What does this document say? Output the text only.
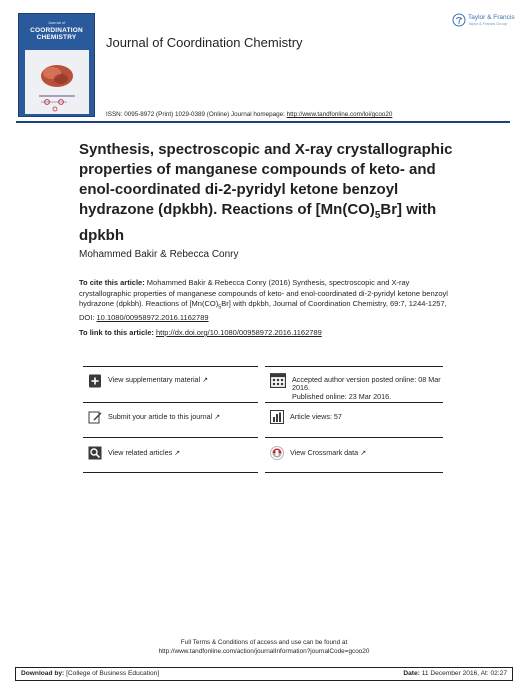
Journal of
COORDINATION
CHEMISTRY	Journal of Coordination Chemistry
Taylor & Francis
Taylor & Francis Group
ISSN: 0095-8972 (Print) 1029-0389 (Online) Journal homepage: http://www.tandfonline.com/loi/gcoo20
Synthesis, spectroscopic and X-ray crystallographic properties of manganese compounds of keto- and enol-coordinated di-2-pyridyl ketone benzoyl hydrazone (dpkbh). Reactions of $[Mn(CO)_5Br]$ with dpkbh
Mohammed Bakir & Rebecca Conry
To cite this article: Mohammed Bakir & Rebecca Conry (2016) Synthesis, spectroscopic and X-ray crystallographic properties of manganese compounds of keto- and enol-coordinated di-2-pyridyl ketone benzoyl hydrazone (dpkbh). Reactions of $[Mn(CO)_5Br]$ with dpkbh, Journal of Coordination Chemistry, 69:7, 1244-1257, DOI: 10.1080/00958972.2016.1162789
To link to this article: http://dx.doi.org/10.1080/00958972.2016.1162789
View supplementary material ↗	Accepted author version posted online: 08 Mar 2016.
Published online: 23 Mar 2016.
Submit your article to this journal ↗	Article views: 57
View related articles ↗	View Crossmark data ↗
Full Terms & Conditions of access and use can be found at
http://www.tandfonline.com/action/journalInformation?journalCode=gcoo20
Download by: [College of Business Education]	Date: 11 December 2016, At: 02:27
